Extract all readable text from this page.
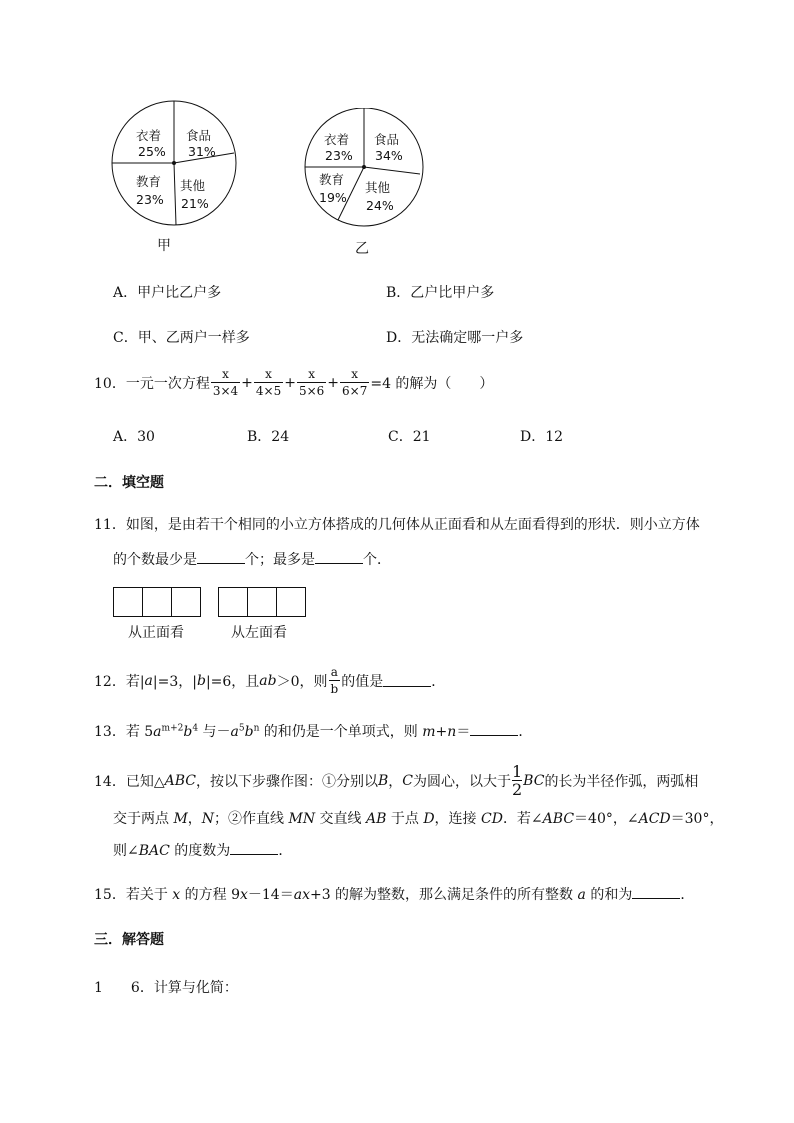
衣着
25%
食品
31%
其他
21%
教育
23%
甲
衣着
23%
食品
34%
其他
24%
教育
19%
乙
A．甲户比乙户多	B．乙户比甲户多
C．甲、乙两户一样多	D．无法确定哪一户多
10．一元一次方程 $\frac{x}{3\times 4} + \frac{x}{4\times 5} + \frac{x}{5\times 6} + \frac{x}{6\times 7} =4$ 的解为（　　）
A．30	B．24	C．21	D．12
二．填空题
11．如图，是由若干个相同的小立方体搭成的几何体从正面看和从左面看得到的形状．则小立方体
的个数最少是	个；最多是	个．
从正面看	从左面看
12．若| a |=3，| b |=6，且 ab ＞0，则 $\frac{a}{b}$ 的值是	．
13．若 $5a^{m+2}b^4$ 与$-a^5b^n$ 的和仍是一个单项式，则 m+n＝	．
14．已知△ ABC ，按以下步骤作图：①分别以 B ， C 为圆心，以大于
1
2 BC 的长为半径作弧，两弧相
交于两点 M，N；②作直线 MN 交直线 AB 于点 D，连接 CD．若∠ABC＝40°，∠ACD＝30°，
则∠BAC 的度数为	．
15．若关于 x 的方程 9x－14＝ax+3 的解为整数，那么满足条件的所有整数 a 的和为	．
三．解答题
1 6．计算与化简：
